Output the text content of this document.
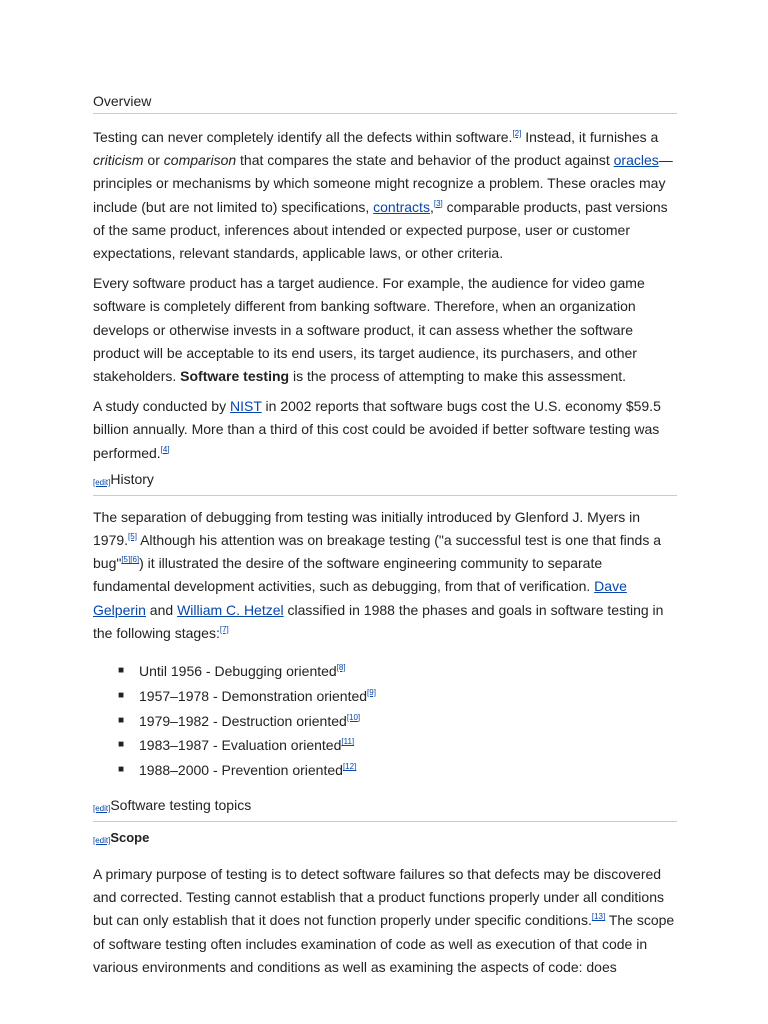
Overview

Testing can never completely identify all the defects within software.[2] Instead, it furnishes a criticism or comparison that compares the state and behavior of the product against oracles—principles or mechanisms by which someone might recognize a problem. These oracles may include (but are not limited to) specifications, contracts,[3] comparable products, past versions of the same product, inferences about intended or expected purpose, user or customer expectations, relevant standards, applicable laws, or other criteria.

Every software product has a target audience. For example, the audience for video game software is completely different from banking software. Therefore, when an organization develops or otherwise invests in a software product, it can assess whether the software product will be acceptable to its end users, its target audience, its purchasers, and other stakeholders. Software testing is the process of attempting to make this assessment.

A study conducted by NIST in 2002 reports that software bugs cost the U.S. economy $59.5 billion annually. More than a third of this cost could be avoided if better software testing was performed.[4]

[edit]History

The separation of debugging from testing was initially introduced by Glenford J. Myers in 1979.[5] Although his attention was on breakage testing ("a successful test is one that finds a bug"[5][6]) it illustrated the desire of the software engineering community to separate fundamental development activities, such as debugging, from that of verification. Dave Gelperin and William C. Hetzel classified in 1988 the phases and goals in software testing in the following stages:[7]

■ Until 1956 - Debugging oriented[8]
■ 1957–1978 - Demonstration oriented[9]
■ 1979–1982 - Destruction oriented[10]
■ 1983–1987 - Evaluation oriented[11]
■ 1988–2000 - Prevention oriented[12]
[edit]Software testing topics
[edit]Scope

A primary purpose of testing is to detect software failures so that defects may be discovered and corrected. Testing cannot establish that a product functions properly under all conditions but can only establish that it does not function properly under specific conditions.[13] The scope of software testing often includes examination of code as well as execution of that code in various environments and conditions as well as examining the aspects of code: does
